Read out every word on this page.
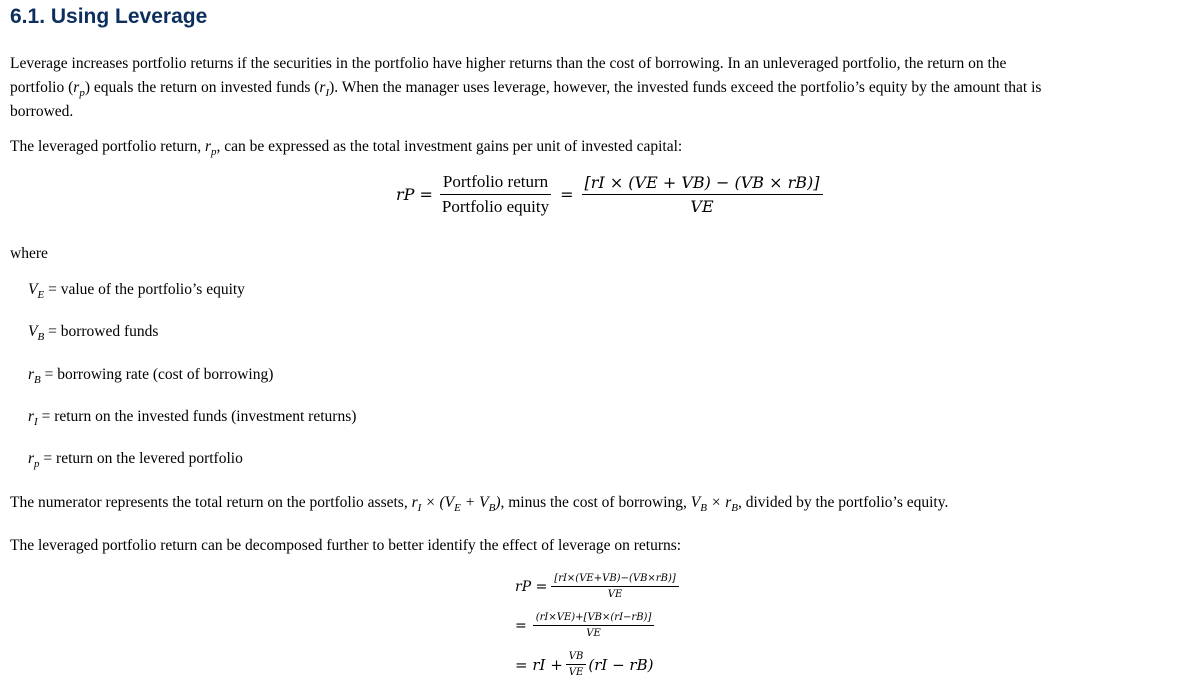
6.1. Using Leverage
Leverage increases portfolio returns if the securities in the portfolio have higher returns than the cost of borrowing. In an unleveraged portfolio, the return on the
portfolio $(r_p)$ equals the return on invested funds $(r_I)$. When the manager uses leverage, however, the invested funds exceed the portfolio’s equity by the amount that is
borrowed.
The leveraged portfolio return, $r_p$, can be expressed as the total investment gains per unit of invested capital:
rP = $\frac{\text{Portfolio return}}{\text{Portfolio equity}} = \frac{[rI \times (VE + VB) - (VB \times rB)]}{VE}$
where
$V_E$ = value of the portfolio’s equity
$V_B$ = borrowed funds
$r_B$ = borrowing rate (cost of borrowing)
$r_I$ = return on the invested funds (investment returns)
$r_p$ = return on the levered portfolio
The numerator represents the total return on the portfolio assets, $r_I \times (V_E + V_B)$, minus the cost of borrowing, $V_B \times r_B$, divided by the portfolio’s equity.
The leveraged portfolio return can be decomposed further to better identify the effect of leverage on returns:
rP = $\frac{[rI\times(VE+VB)-(VB\times rB)]}{VE}$
= $\frac{(rI\times VE)+[VB\times(rI-rB)]}{VE}$
= rI + $\frac{VB}{VE} (rI - rB)$
